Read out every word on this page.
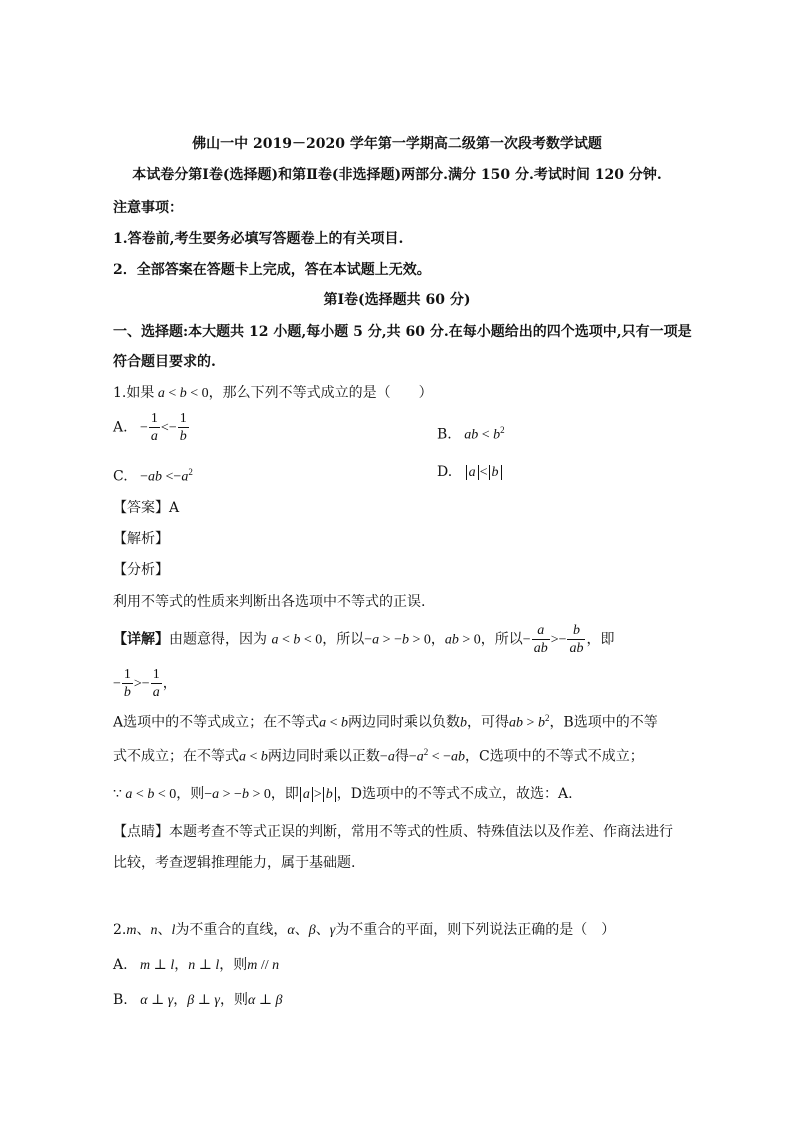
佛山一中 2019－2020 学年第一学期高二级第一次段考数学试题
本试卷分第Ⅰ卷(选择题)和第Ⅱ卷(非选择题)两部分.满分 150 分.考试时间 120 分钟.
注意事项：
1.答卷前,考生要务必填写答题卷上的有关项目.
2．全部答案在答题卡上完成，答在本试题上无效。
第Ⅰ卷(选择题共 60 分)
一、选择题:本大题共 12 小题,每小题 5 分,共 60 分.在每小题给出的四个选项中,只有一项是
符合题目要求的.
1.如果 a < b < 0，那么下列不等式成立的是（　　）
A. − $\frac{1}{a} <- \frac{1}{b}$	B. ab < $b^2$
C. $-ab <-a^2$	D. a < b
【答案】A
【解析】
【分析】
利用不等式的性质来判断出各选项中不等式的正误.
【详解】由题意得，因为 a < b < 0，所以−a > −b > 0，ab > 0，所以− $\frac{a}{ab} >- \frac{b}{ab}$ ，即
− $\frac{1}{b} >- \frac{1}{a}$ ，
A选项中的不等式成立；在不等式a < b两边同时乘以负数b，可得ab > $b^2$，B选项中的不等
式不成立；在不等式a < b两边同时乘以正数−a得$-a^2 < -ab$，C选项中的不等式不成立；
∵ a < b < 0，则−a > −b > 0，即 a > b ，D选项中的不等式不成立，故选：A.
【点睛】本题考查不等式正误的判断，常用不等式的性质、特殊值法以及作差、作商法进行
比较，考查逻辑推理能力，属于基础题.
2.m、n、l为不重合的直线，α、β、γ为不重合的平面，则下列说法正确的是（　）
A. m ⊥ l，n ⊥ l，则m // n
B. α ⊥ γ，β ⊥ γ，则α ⊥ β
